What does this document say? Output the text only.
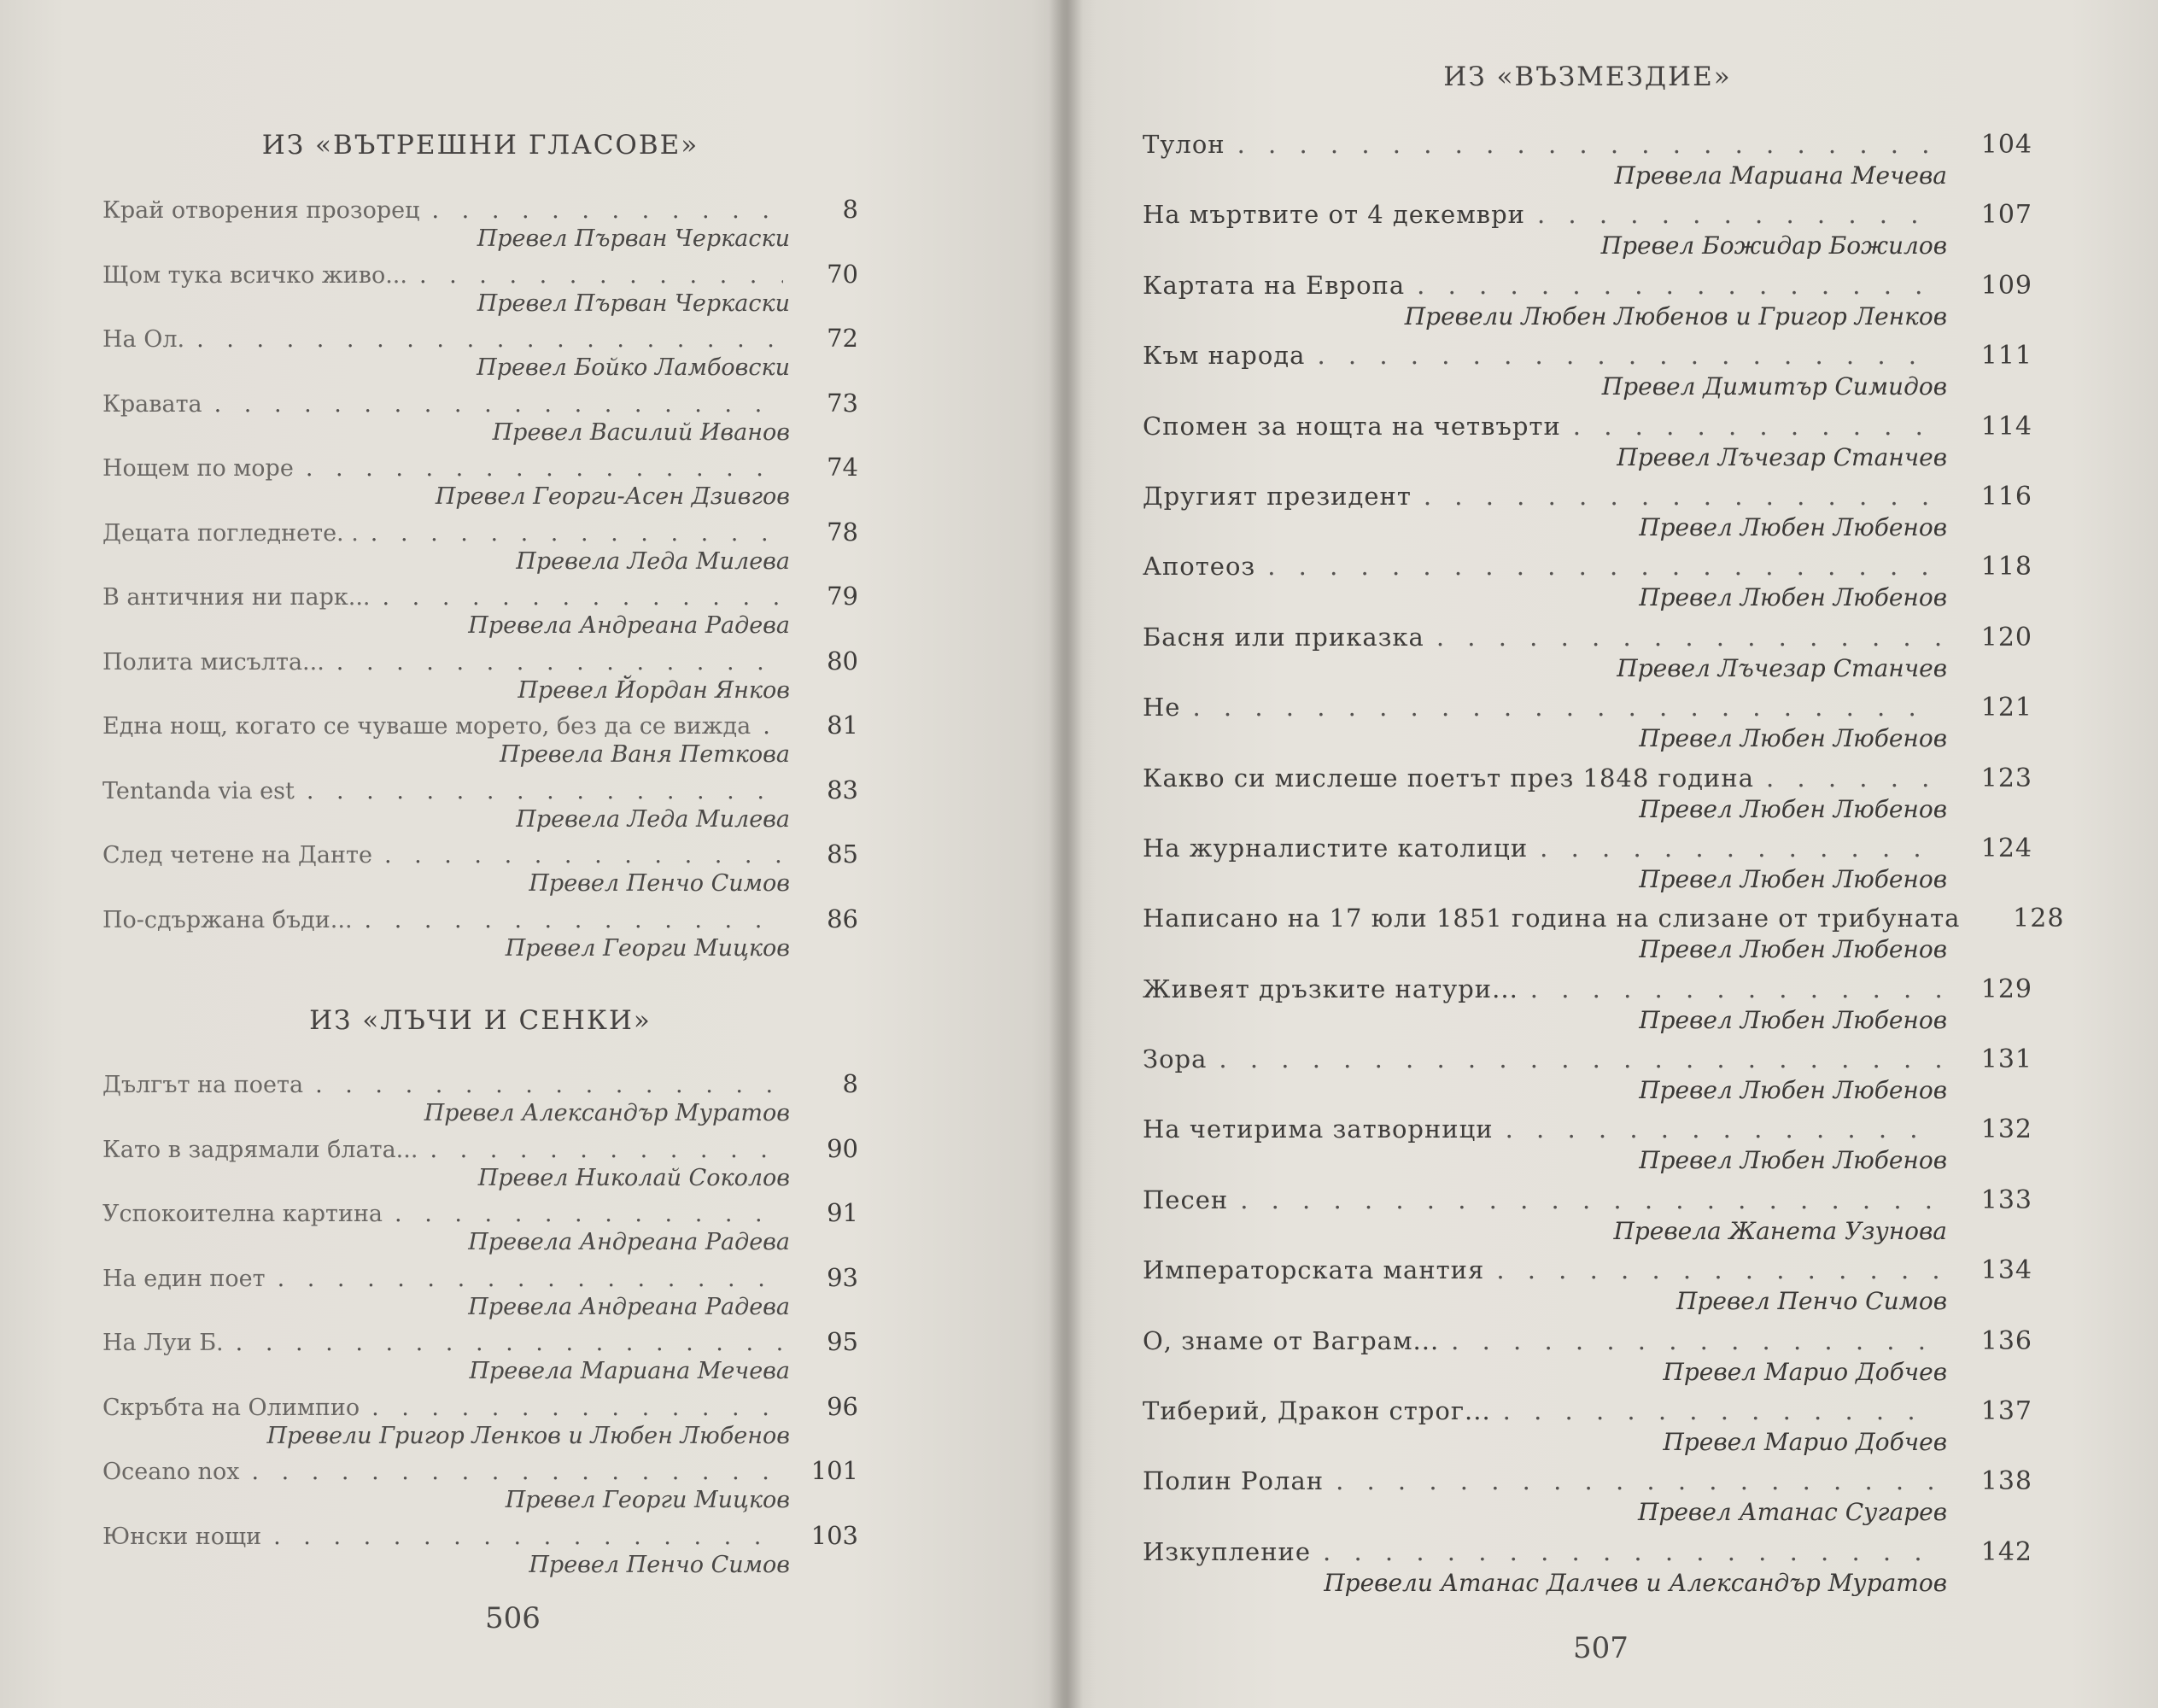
ИЗ «ВЪТРЕШНИ ГЛАСОВЕ»
Край отворения прозорец . . .	8
Превел Първан Черкаски
Щом тука всичко живо... . . .	70
Превел Първан Черкаски
На Ол. . . .	72
Превел Бойко Ламбовски
Кравата . . .	73
Превел Василий Иванов
Нощем по море . . .	74
Превел Георги-Асен Дзивгов
Децата погледнете. . . . .	78
Превела Леда Милева
В античния ни парк... . . .	79
Превела Андреана Радева
Полита мисълта... . . .	80
Превел Йордан Янков
Една нощ, когато се чуваше морето, без да се вижда . . .	81
Превела Ваня Петкова
Tentanda via est . . .	83
Превела Леда Милева
След четене на Данте . . .	85
Превел Пенчо Симов
По-сдържана бъди... . . .	86
Превел Георги Мицков
ИЗ «ЛЪЧИ И СЕНКИ»
Дългът на поета . . .	8
Превел Александър Муратов
Като в задрямали блата... . . .	90
Превел Николай Соколов
Успокоителна картина . . .	91
Превела Андреана Радева
На един поет . . .	93
Превела Андреана Радева
На Луи Б. . . .	95
Превела Мариана Мечева
Скръбта на Олимпио . . .	96
Превели Григор Ленков и Любен Любенов
Oceano nox . . .	101
Превел Георги Мицков
Юнски нощи . . .	103
Превел Пенчо Симов
506
ИЗ «ВЪЗМЕЗДИЕ»
Тулон . . .	104
Превела Мариана Мечева
На мъртвите от 4 декември . . .	107
Превел Божидар Божилов
Картата на Европа . . .	109
Превели Любен Любенов и Григор Ленков
Към народа . . .	111
Превел Димитър Симидов
Спомен за нощта на четвърти . . .	114
Превел Лъчезар Станчев
Другият президент . . .	116
Превел Любен Любенов
Апотеоз . . .	118
Превел Любен Любенов
Басня или приказка . . .	120
Превел Лъчезар Станчев
Не . . .	121
Превел Любен Любенов
Какво си мислеше поетът през 1848 година . . .	123
Превел Любен Любенов
На журналистите католици . . .	124
Превел Любен Любенов
Написано на 17 юли 1851 година на слизане от трибуната	128
Превел Любен Любенов
Живеят дръзките натури... . . .	129
Превел Любен Любенов
Зора . . .	131
Превел Любен Любенов
На четирима затворници . . .	132
Превел Любен Любенов
Песен . . .	133
Превела Жанета Узунова
Императорската мантия . . .	134
Превел Пенчо Симов
О, знаме от Ваграм... . . .	136
Превел Марио Добчев
Тиберий, Дракон строг... . . .	137
Превел Марио Добчев
Полин Ролан . . .	138
Превел Атанас Сугарев
Изкупление . . .	142
Превели Атанас Далчев и Александър Муратов
507
